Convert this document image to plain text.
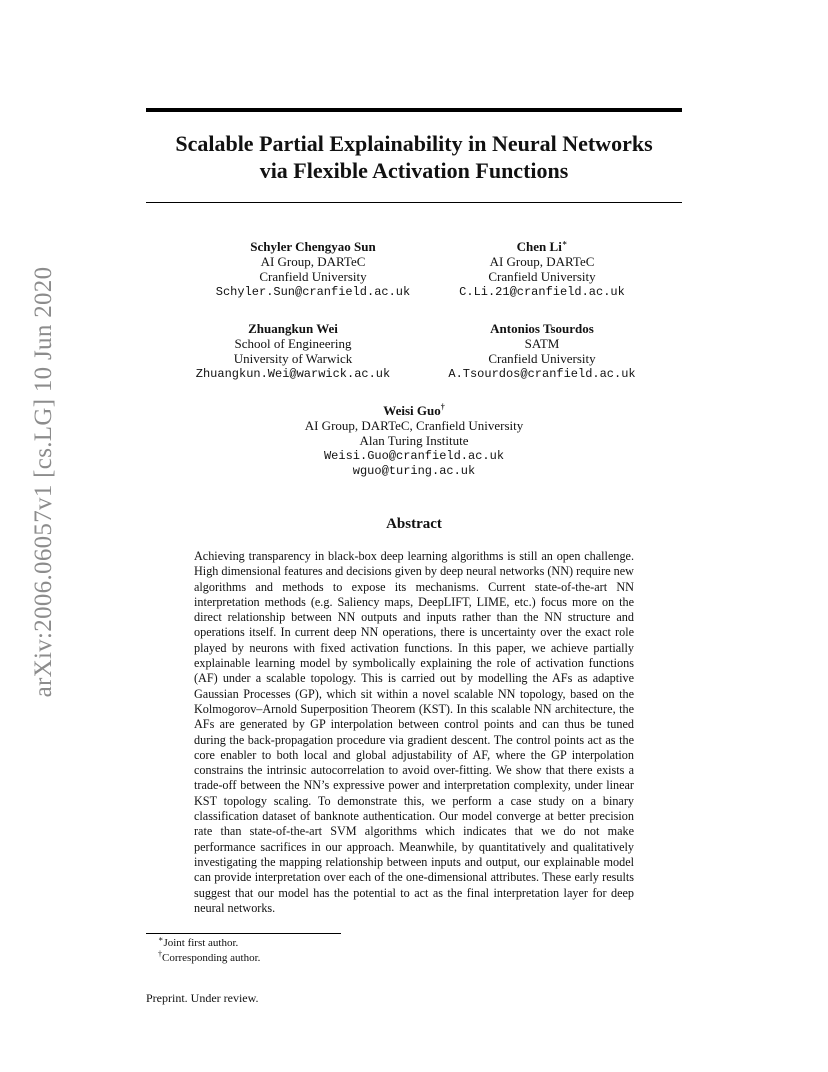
arXiv:2006.06057v1 [cs.LG] 10 Jun 2020
Scalable Partial Explainability in Neural Networks
via Flexible Activation Functions
Schyler Chengyao Sun
AI Group, DARTeC
Cranfield University
Schyler.Sun@cranfield.ac.uk
Chen Li∗
AI Group, DARTeC
Cranfield University
C.Li.21@cranfield.ac.uk
Zhuangkun Wei
School of Engineering
University of Warwick
Zhuangkun.Wei@warwick.ac.uk
Antonios Tsourdos
SATM
Cranfield University
A.Tsourdos@cranfield.ac.uk
Weisi Guo†
AI Group, DARTeC, Cranfield University
Alan Turing Institute
Weisi.Guo@cranfield.ac.uk
wguo@turing.ac.uk
Abstract
Achieving transparency in black-box deep learning algorithms is still an open challenge. High dimensional features and decisions given by deep neural networks (NN) require new algorithms and methods to expose its mechanisms. Current state-of-the-art NN interpretation methods (e.g. Saliency maps, DeepLIFT, LIME, etc.) focus more on the direct relationship between NN outputs and inputs rather than the NN structure and operations itself. In current deep NN operations, there is uncertainty over the exact role played by neurons with fixed activation functions. In this paper, we achieve partially explainable learning model by symbolically explaining the role of activation functions (AF) under a scalable topology. This is carried out by modelling the AFs as adaptive Gaussian Processes (GP), which sit within a novel scalable NN topology, based on the Kolmogorov–Arnold Superposition Theorem (KST). In this scalable NN architecture, the AFs are generated by GP interpolation between control points and can thus be tuned during the back-propagation procedure via gradient descent. The control points act as the core enabler to both local and global adjustability of AF, where the GP interpolation constrains the intrinsic autocorrelation to avoid over-fitting. We show that there exists a trade-off between the NN’s expressive power and interpretation complexity, under linear KST topology scaling. To demonstrate this, we perform a case study on a binary classification dataset of banknote authentication. Our model converge at better precision rate than state-of-the-art SVM algorithms which indicates that we do not make performance sacrifices in our approach. Meanwhile, by quantitatively and qualitatively investigating the mapping relationship between inputs and output, our explainable model can provide interpretation over each of the one-dimensional attributes. These early results suggest that our model has the potential to act as the final interpretation layer for deep neural networks.
∗Joint first author.
†Corresponding author.
Preprint. Under review.
